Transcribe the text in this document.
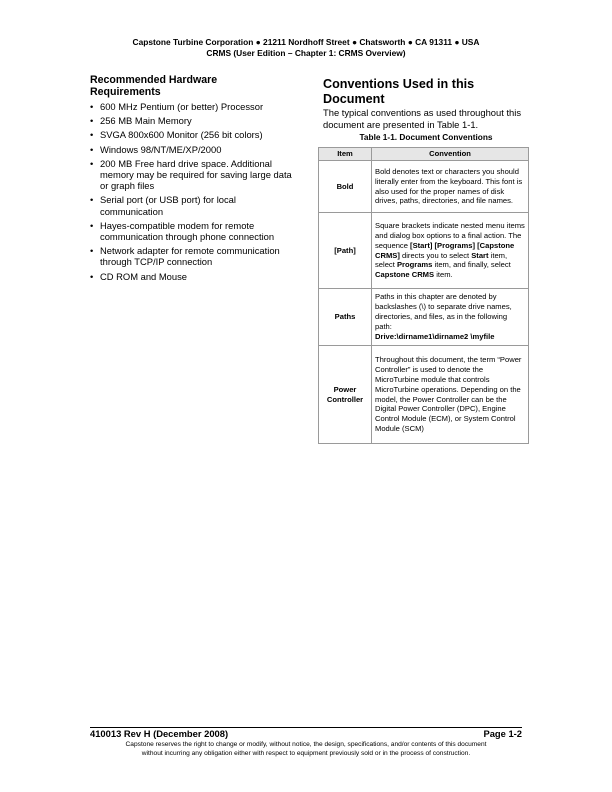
Capstone Turbine Corporation ● 21211 Nordhoff Street ● Chatsworth ● CA 91311 ● USA
CRMS (User Edition – Chapter 1: CRMS Overview)
Recommended Hardware
Requirements
• 600 MHz Pentium (or better) Processor
• 256 MB Main Memory
• SVGA 800x600 Monitor (256 bit colors)
• Windows 98/NT/ME/XP/2000
• 200 MB Free hard drive space. Additional memory may be required for saving large data or graph files
• Serial port (or USB port) for local communication
• Hayes-compatible modem for remote communication through phone connection
• Network adapter for remote communication through TCP/IP connection
• CD ROM and Mouse
Conventions Used in this
Document

The typical conventions as used throughout this document are presented in Table 1-1.

Table 1-1. Document Conventions
Item	Convention
Bold	Bold denotes text or characters you should literally enter from the keyboard. This font is also used for the proper names of disk drives, paths, directories, and file names.
[Path]	Square brackets indicate nested menu items and dialog box options to a final action. The sequence [Start] [Programs] [Capstone CRMS] directs you to select Start item, select Programs item, and finally, select Capstone CRMS item.
Paths	Paths in this chapter are denoted by backslashes (\) to separate drive names, directories, and files, as in the following path:
Drive:\dirname1\dirname2 \myfile
Power
Controller	Throughout this document, the term “Power Controller” is used to denote the MicroTurbine module that controls MicroTurbine operations. Depending on the model, the Power Controller can be the Digital Power Controller (DPC), Engine Control Module (ECM), or System Control Module (SCM)
410013 Rev H (December 2008)	Page 1-2
Capstone reserves the right to change or modify, without notice, the design, specifications, and/or contents of this document
without incurring any obligation either with respect to equipment previously sold or in the process of construction.
